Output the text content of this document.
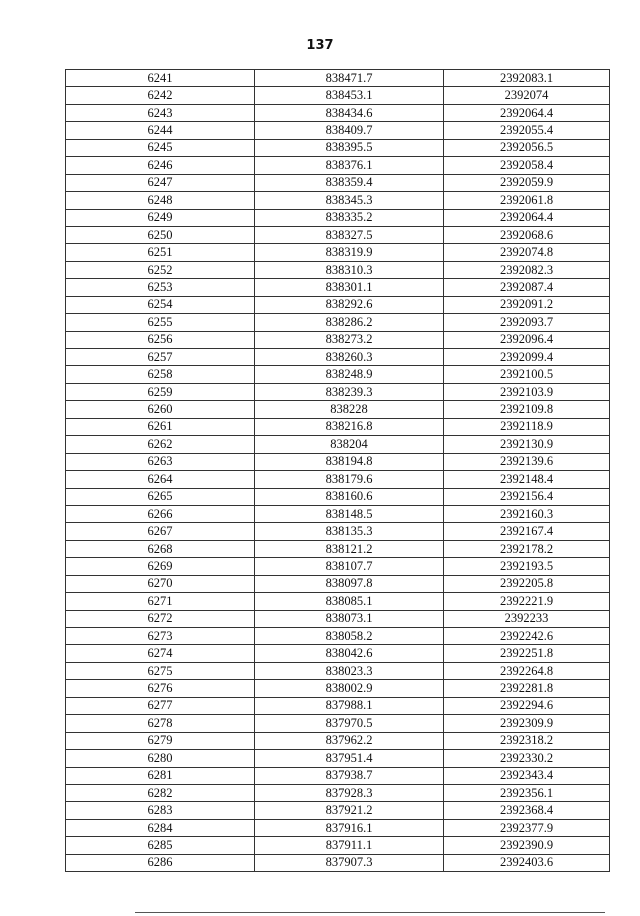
137
6241	838471.7	2392083.1
6242	838453.1	2392074
6243	838434.6	2392064.4
6244	838409.7	2392055.4
6245	838395.5	2392056.5
6246	838376.1	2392058.4
6247	838359.4	2392059.9
6248	838345.3	2392061.8
6249	838335.2	2392064.4
6250	838327.5	2392068.6
6251	838319.9	2392074.8
6252	838310.3	2392082.3
6253	838301.1	2392087.4
6254	838292.6	2392091.2
6255	838286.2	2392093.7
6256	838273.2	2392096.4
6257	838260.3	2392099.4
6258	838248.9	2392100.5
6259	838239.3	2392103.9
6260	838228	2392109.8
6261	838216.8	2392118.9
6262	838204	2392130.9
6263	838194.8	2392139.6
6264	838179.6	2392148.4
6265	838160.6	2392156.4
6266	838148.5	2392160.3
6267	838135.3	2392167.4
6268	838121.2	2392178.2
6269	838107.7	2392193.5
6270	838097.8	2392205.8
6271	838085.1	2392221.9
6272	838073.1	2392233
6273	838058.2	2392242.6
6274	838042.6	2392251.8
6275	838023.3	2392264.8
6276	838002.9	2392281.8
6277	837988.1	2392294.6
6278	837970.5	2392309.9
6279	837962.2	2392318.2
6280	837951.4	2392330.2
6281	837938.7	2392343.4
6282	837928.3	2392356.1
6283	837921.2	2392368.4
6284	837916.1	2392377.9
6285	837911.1	2392390.9
6286	837907.3	2392403.6
